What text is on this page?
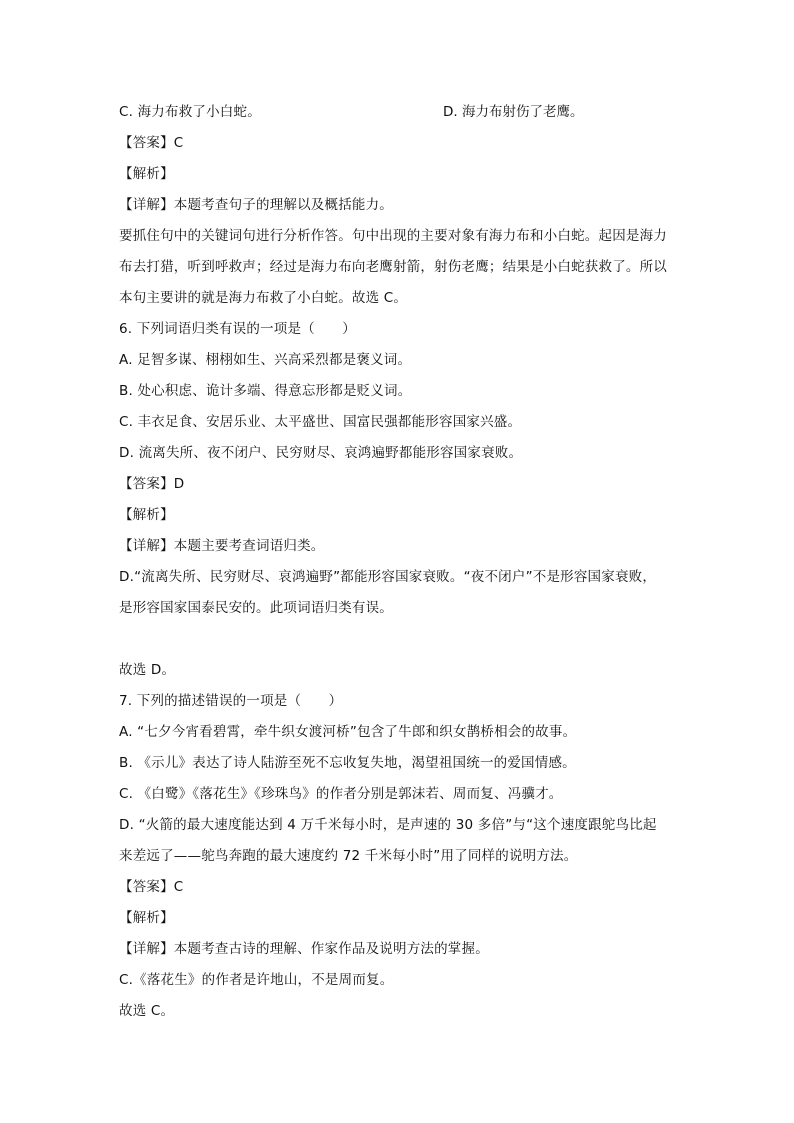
C. 海力布救了小白蛇。	D. 海力布射伤了老鹰。
【答案】C
【解析】
【详解】本题考查句子的理解以及概括能力。
要抓住句中的关键词句进行分析作答。句中出现的主要对象有海力布和小白蛇。起因是海力
布去打猎，听到呼救声；经过是海力布向老鹰射箭，射伤老鹰；结果是小白蛇获救了。所以
本句主要讲的就是海力布救了小白蛇。故选 C。
6. 下列词语归类有误的一项是（　　）
A. 足智多谋、栩栩如生、兴高采烈都是褒义词。
B. 处心积虑、诡计多端、得意忘形都是贬义词。
C. 丰衣足食、安居乐业、太平盛世、国富民强都能形容国家兴盛。
D. 流离失所、夜不闭户、民穷财尽、哀鸿遍野都能形容国家衰败。
【答案】D
【解析】
【详解】本题主要考查词语归类。
D.“流离失所、民穷财尽、哀鸿遍野”都能形容国家衰败。“夜不闭户”不是形容国家衰败，
是形容国家国泰民安的。此项词语归类有误。
故选 D。
7. 下列的描述错误的一项是（　　）
A. “七夕今宵看碧霄，牵牛织女渡河桥”包含了牛郎和织女鹊桥相会的故事。
B. 《示儿》表达了诗人陆游至死不忘收复失地，渴望祖国统一的爱国情感。
C. 《白鹭》《落花生》《珍珠鸟》的作者分别是郭沫若、周而复、冯骥才。
D. “火箭的最大速度能达到 4 万千米每小时，是声速的 30 多倍”与“这个速度跟鸵鸟比起
来差远了——鸵鸟奔跑的最大速度约 72 千米每小时”用了同样的说明方法。
【答案】C
【解析】
【详解】本题考查古诗的理解、作家作品及说明方法的掌握。
C.《落花生》的作者是许地山，不是周而复。
故选 C。
